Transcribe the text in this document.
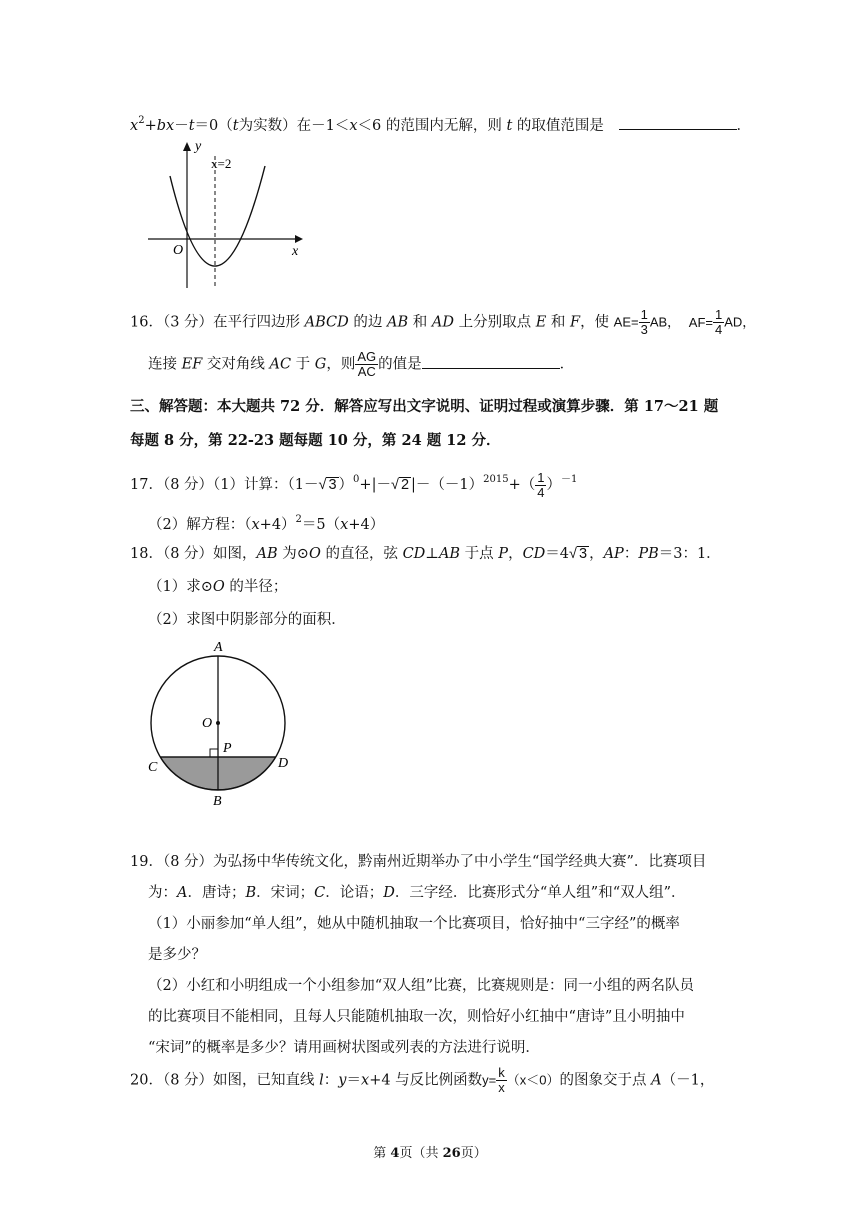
$x^2+bx-t=0(t$为实数）在－1＜x＜6 的范围内无解，则 t 的取值范围是	．
y
x
O
x=2
16．（3 分）在平行四边形 ABCD 的边 AB 和 AD 上分别取点 E 和 F，使 $AE= \frac{1}{3}$ AB， $AF= \frac{1}{4}$ AD，
连接 EF 交对角线 AC 于 G，则 $\frac{AG}{AC}$ 的值是	．
三、解答题：本大题共 72 分．解答应写出文字说明、证明过程或演算步骤．第 17～21 题
每题 8 分，第 22-23 题每题 10 分，第 24 题 12 分．
17．（8 分）（1）计算：（1－√ 3 ）$^0$+|－√ 2 $|-(-1)^{2015}+( \frac{1}{4} )^{-1}$
（2）解方程：$(x+4)^2=5(x+4)$
18．（8 分）如图，AB 为⊙O 的直径，弦 CD⊥AB 于点 P，CD＝4√ 3 ，AP：PB＝3：1．
（1）求⊙O 的半径；
（2）求图中阴影部分的面积．
A
B
C	D
O
P
19．（8 分）为弘扬中华传统文化，黔南州近期举办了中小学生“国学经典大赛”．比赛项目
为：A．唐诗；B．宋词；C．论语；D．三字经．比赛形式分“单人组”和“双人组”．
（1）小丽参加“单人组”，她从中随机抽取一个比赛项目，恰好抽中“三字经”的概率
是多少？
（2）小红和小明组成一个小组参加“双人组”比赛，比赛规则是：同一小组的两名队员
的比赛项目不能相同，且每人只能随机抽取一次，则恰好小红抽中“唐诗”且小明抽中
“宋词”的概率是多少？请用画树状图或列表的方法进行说明．
20．（8 分）如图，已知直线 l：y＝x+4 与反比例函数$y= \frac{k}{x} (x<0)$的图象交于点 A（－1，
第 4页（共 26页）
